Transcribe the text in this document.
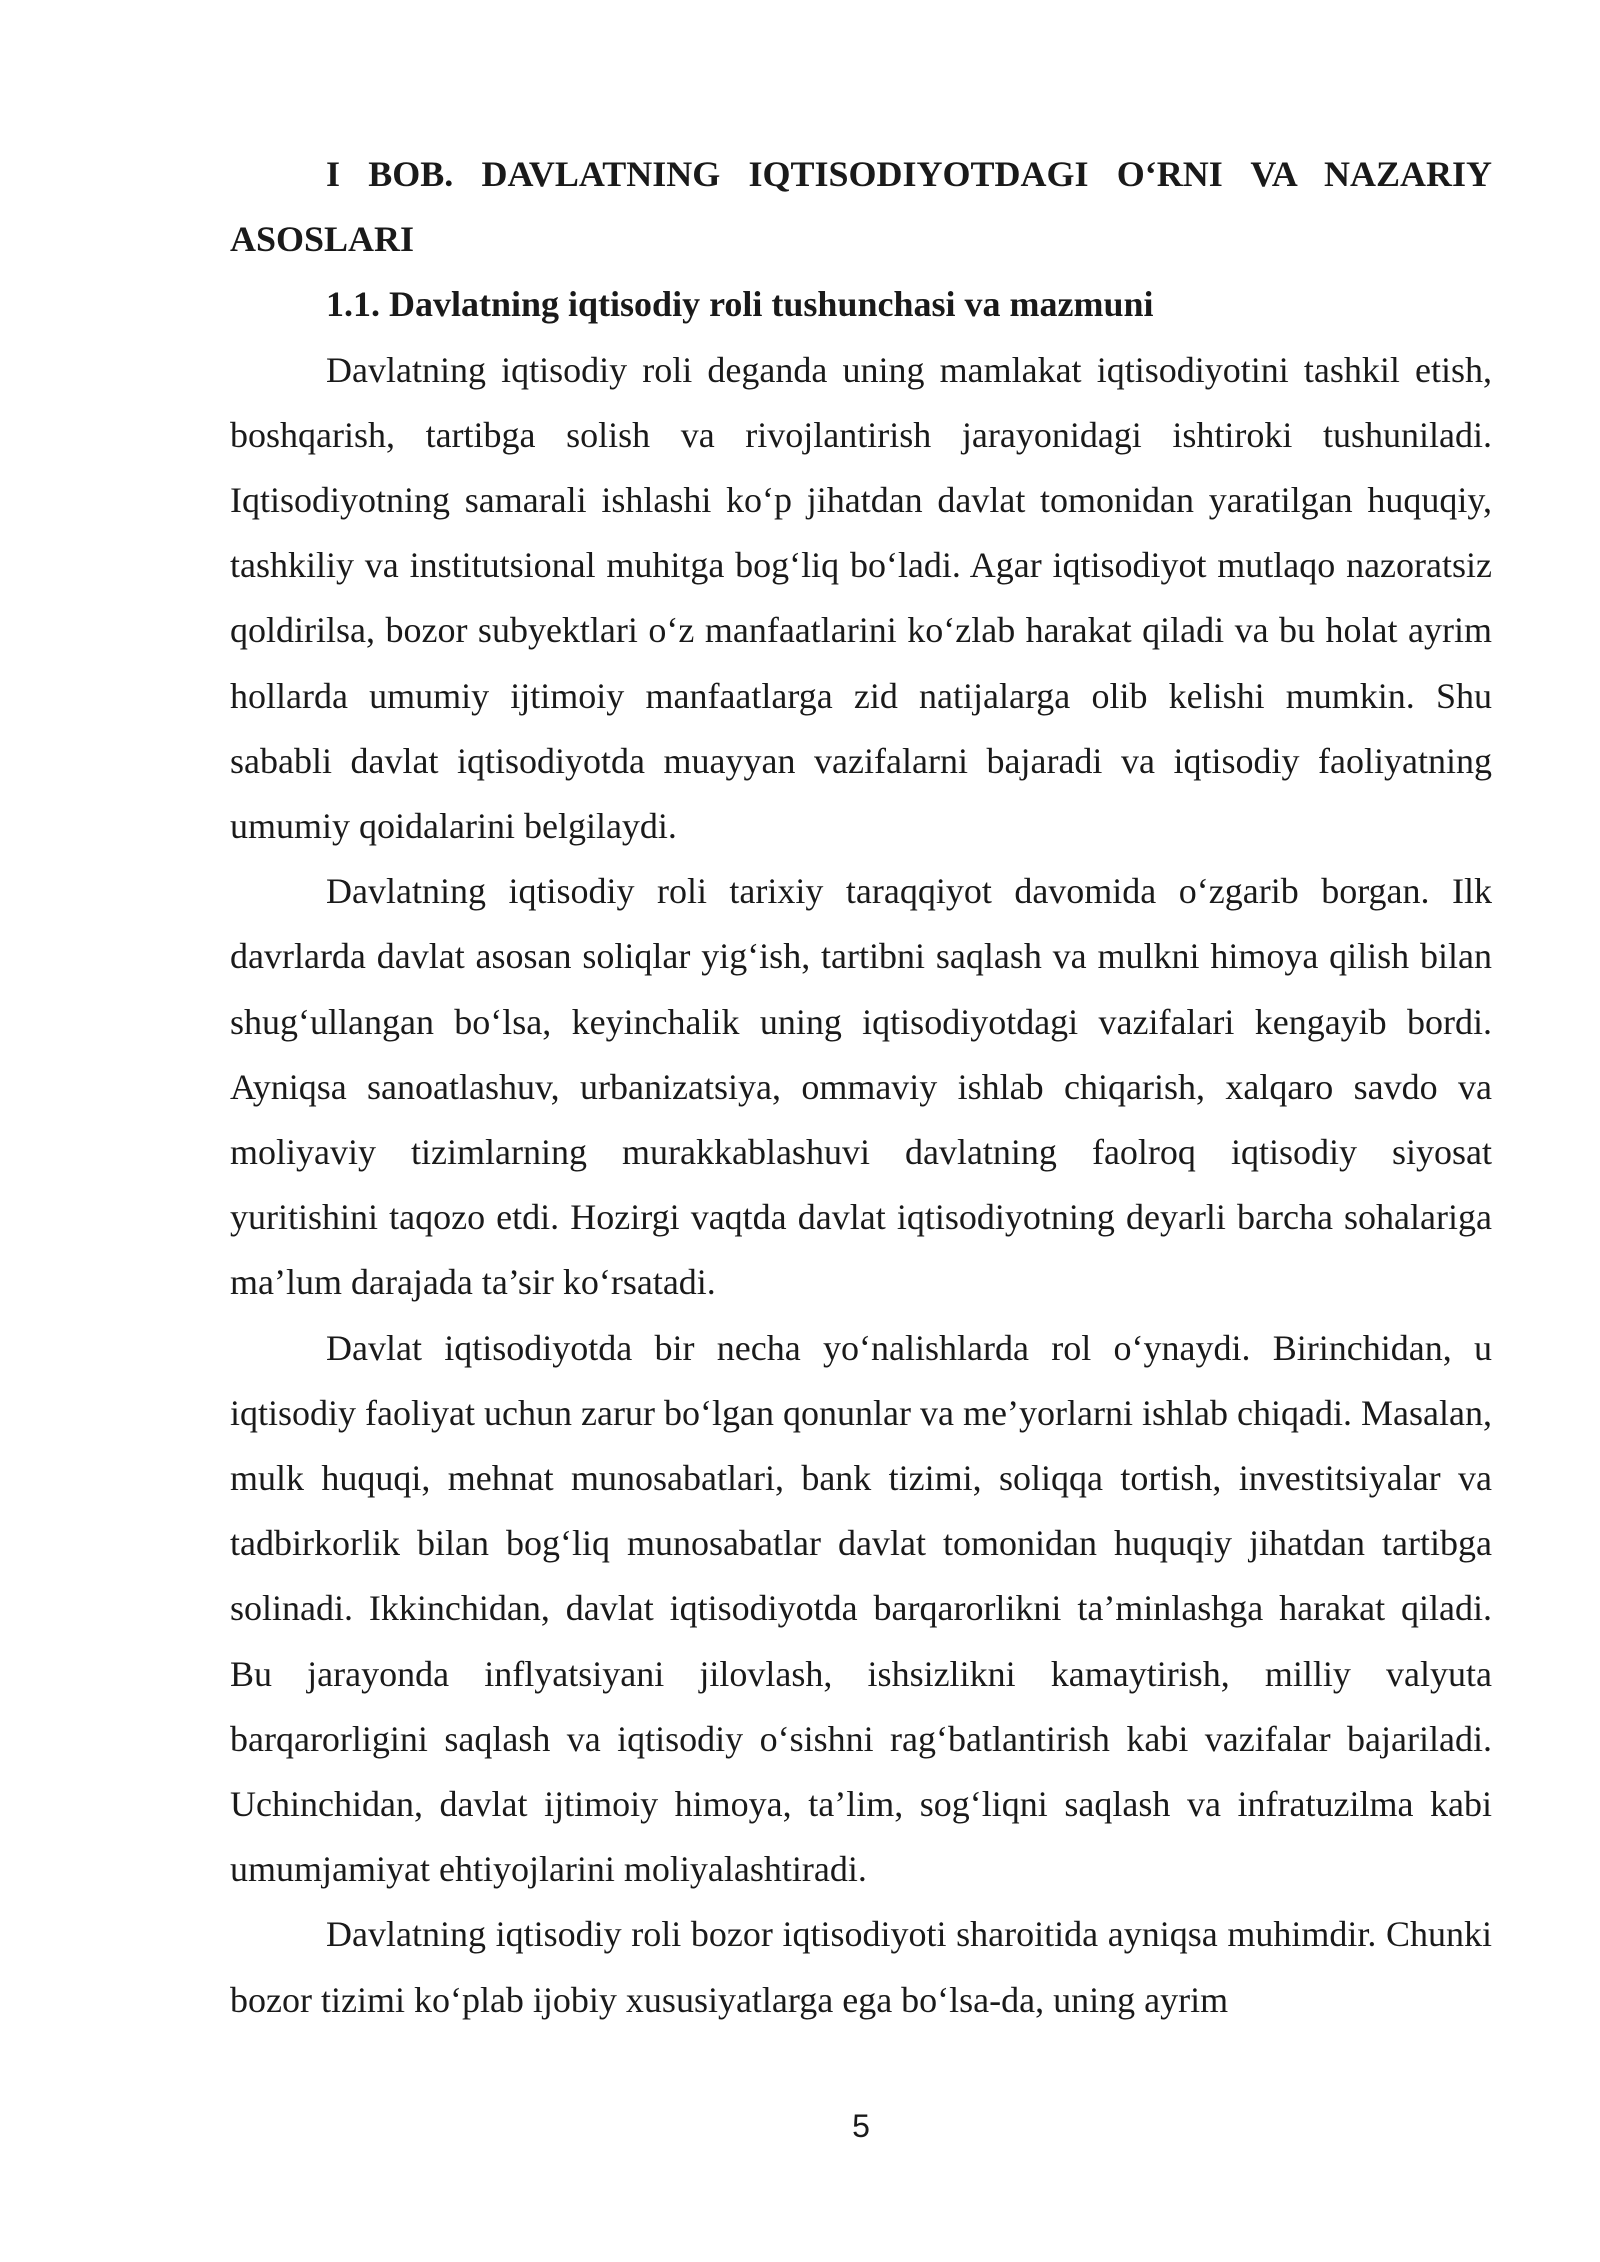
I BOB. DAVLATNING IQTISODIYOTDAGI O‘RNI VA NAZARIY ASOSLARI

1.1. Davlatning iqtisodiy roli tushunchasi va mazmuni

Davlatning iqtisodiy roli deganda uning mamlakat iqtisodiyotini tashkil etish, boshqarish, tartibga solish va rivojlantirish jarayonidagi ishtiroki tushuniladi. Iqtisodiyotning samarali ishlashi ko‘p jihatdan davlat tomonidan yaratilgan huquqiy, tashkiliy va institutsional muhitga bog‘liq bo‘ladi. Agar iqtisodiyot mutlaqo nazoratsiz qoldirilsa, bozor subyektlari o‘z manfaatlarini ko‘zlab harakat qiladi va bu holat ayrim hollarda umumiy ijtimoiy manfaatlarga zid natijalarga olib kelishi mumkin. Shu sababli davlat iqtisodiyotda muayyan vazifalarni bajaradi va iqtisodiy faoliyatning umumiy qoidalarini belgilaydi.

Davlatning iqtisodiy roli tarixiy taraqqiyot davomida o‘zgarib borgan. Ilk davrlarda davlat asosan soliqlar yig‘ish, tartibni saqlash va mulkni himoya qilish bilan shug‘ullangan bo‘lsa, keyinchalik uning iqtisodiyotdagi vazifalari kengayib bordi. Ayniqsa sanoatlashuv, urbanizatsiya, ommaviy ishlab chiqarish, xalqaro savdo va moliyaviy tizimlarning murakkablashuvi davlatning faolroq iqtisodiy siyosat yuritishini taqozo etdi. Hozirgi vaqtda davlat iqtisodiyotning deyarli barcha sohalariga ma’lum darajada ta’sir ko‘rsatadi.

Davlat iqtisodiyotda bir necha yo‘nalishlarda rol o‘ynaydi. Birinchidan, u iqtisodiy faoliyat uchun zarur bo‘lgan qonunlar va me’yorlarni ishlab chiqadi. Masalan, mulk huquqi, mehnat munosabatlari, bank tizimi, soliqqa tortish, investitsiyalar va tadbirkorlik bilan bog‘liq munosabatlar davlat tomonidan huquqiy jihatdan tartibga solinadi. Ikkinchidan, davlat iqtisodiyotda barqarorlikni ta’minlashga harakat qiladi. Bu jarayonda inflyatsiyani jilovlash, ishsizlikni kamaytirish, milliy valyuta barqarorligini saqlash va iqtisodiy o‘sishni rag‘batlantirish kabi vazifalar bajariladi. Uchinchidan, davlat ijtimoiy himoya, ta’lim, sog‘liqni saqlash va infratuzilma kabi umumjamiyat ehtiyojlarini moliyalashtiradi.

Davlatning iqtisodiy roli bozor iqtisodiyoti sharoitida ayniqsa muhimdir. Chunki bozor tizimi ko‘plab ijobiy xususiyatlarga ega bo‘lsa-da, uning ayrim

5
